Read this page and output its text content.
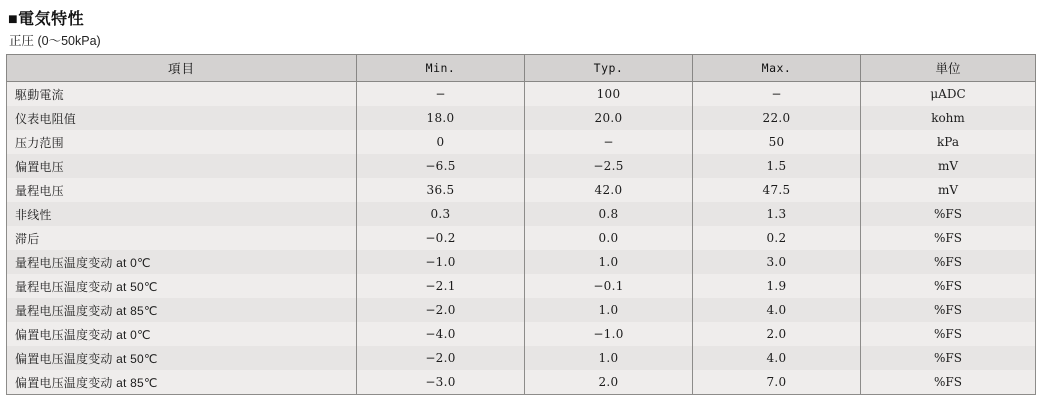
■電気特性
正圧 (0〜50kPa)
項目	Min.	Typ.	Max.	単位
駆動電流	−	100	−	μADC
仪表电阻值	18.0	20.0	22.0	kohm
压力范围	0	−	50	kPa
偏置电压	−6.5	−2.5	1.5	mV
量程电压	36.5	42.0	47.5	mV
非线性	0.3	0.8	1.3	%FS
滞后	−0.2	0.0	0.2	%FS
量程电压温度变动 at 0℃	−1.0	1.0	3.0	%FS
量程电压温度变动 at 50℃	−2.1	−0.1	1.9	%FS
量程电压温度变动 at 85℃	−2.0	1.0	4.0	%FS
偏置电压温度变动 at 0℃	−4.0	−1.0	2.0	%FS
偏置电压温度变动 at 50℃	−2.0	1.0	4.0	%FS
偏置电压温度变动 at 85℃	−3.0	2.0	7.0	%FS
